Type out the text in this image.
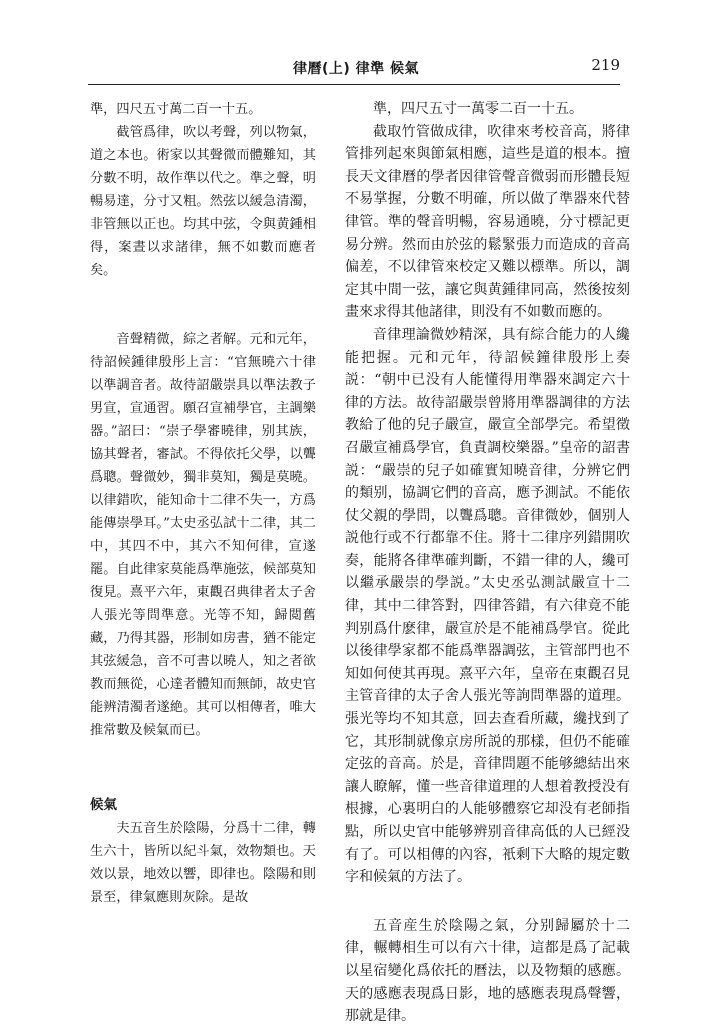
律曆(上) 律準 候氣	219

準，四尺五寸萬二百一十五。

截管爲律，吹以考聲，列以物氣，道之本也。術家以其聲微而體難知，其分數不明，故作準以代之。準之聲，明暢易達，分寸又粗。然弦以緩急清濁，非管無以正也。均其中弦，令與黄鍾相得，案晝以求諸律，無不如數而應者矣。

音聲精微，綜之者解。元和元年，待詔候鍾律殷彤上言：“官無曉六十律以準調音者。故待詔嚴崇具以準法教子男宣，宣通習。願召宣補學官，主調樂器。”詔曰：“崇子學審曉律，别其族，協其聲者，審試。不得依托父學，以聾爲聰。聲微妙，獨非莫知，獨是莫曉。以律錯吹，能知命十二律不失一，方爲能傳崇學耳。”太史丞弘試十二律，其二中，其四不中，其六不知何律，宣遂罷。自此律家莫能爲準施弦，候部莫知復見。熹平六年，東觀召典律者太子舍人張光等問準意。光等不知，歸閲舊藏，乃得其器，形制如房書，猶不能定其弦緩急，音不可書以曉人，知之者欲教而無從，心達者體知而無師，故史官能辨清濁者遂絶。其可以相傳者，唯大推常數及候氣而已。

候氣

夫五音生於陰陽，分爲十二律，轉生六十，皆所以紀斗氣，效物類也。天效以景，地效以響，即律也。陰陽和則景至，律氣應則灰除。是故

準，四尺五寸一萬零二百一十五。

截取竹管做成律，吹律來考校音高，將律管排列起來與節氣相應，這些是道的根本。擅長天文律曆的學者因律管聲音微弱而形體長短不易掌握，分數不明確，所以做了準器來代替律管。準的聲音明暢，容易通曉，分寸標記更易分辨。然而由於弦的鬆緊張力而造成的音高偏差，不以律管來校定又難以標準。所以，調定其中間一弦，讓它與黄鍾律同高，然後按刻畫來求得其他諸律，則没有不如數而應的。

音律理論微妙精深，具有綜合能力的人纔能把握。元和元年，待詔候鐘律殷彤上奏説：“朝中已没有人能懂得用準器來調定六十律的方法。故待詔嚴崇曾將用準器調律的方法教給了他的兒子嚴宣，嚴宣全部學完。希望徵召嚴宣補爲學官，負責調校樂器。”皇帝的詔書説：“嚴崇的兒子如確實知曉音律，分辨它們的類别，協調它們的音高，應予測試。不能依仗父親的學問，以聾爲聰。音律微妙，個别人説他行或不行都靠不住。將十二律序列錯開吹奏，能將各律準確判斷，不錯一律的人，纔可以繼承嚴崇的學説。”太史丞弘測試嚴宣十二律，其中二律答對，四律答錯，有六律竟不能判别爲什麽律，嚴宣於是不能補爲學官。從此以後律學家都不能爲準器調弦，主管部門也不知如何使其再現。熹平六年，皇帝在東觀召見主管音律的太子舍人張光等詢問準器的道理。張光等均不知其意，回去查看所藏，纔找到了它，其形制就像京房所説的那樣，但仍不能確定弦的音高。於是，音律問題不能够總結出來讓人瞭解，懂一些音律道理的人想着教授没有根據，心裏明白的人能够體察它却没有老師指點，所以史官中能够辨别音律高低的人已經没有了。可以相傳的內容，衹剩下大略的規定數字和候氣的方法了。

五音産生於陰陽之氣，分别歸屬於十二律，輾轉相生可以有六十律，這都是爲了記載以星宿變化爲依托的曆法，以及物類的感應。天的感應表現爲日影，地的感應表現爲聲響，那就是律。
